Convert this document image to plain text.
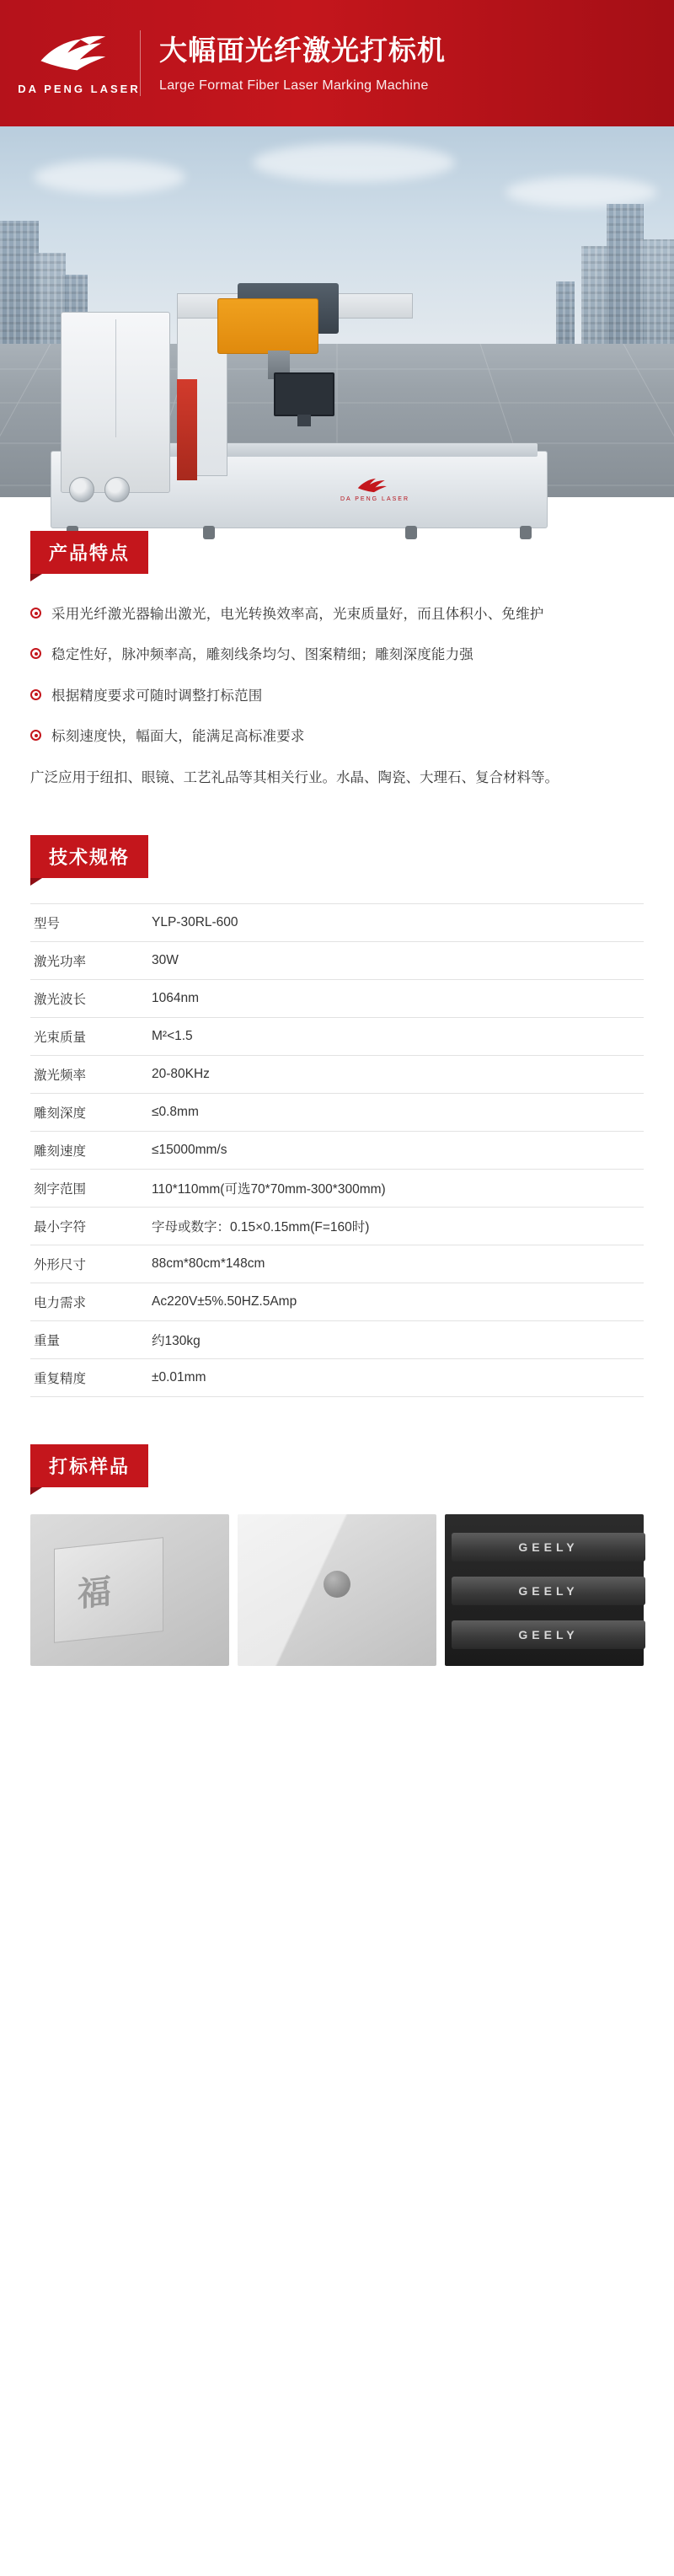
DA PENG LASER
大幅面光纤激光打标机
Large Format Fiber Laser Marking Machine
DA PENG LASER
产品特点
采用光纤激光器输出激光，电光转换效率高，光束质量好，而且体积小、免维护
稳定性好，脉冲频率高，雕刻线条均匀、图案精细；雕刻深度能力强
根据精度要求可随时调整打标范围
标刻速度快，幅面大，能满足高标准要求
广泛应用于纽扣、眼镜、工艺礼品等其相关行业。水晶、陶瓷、大理石、复合材料等。
技术规格
型号	YLP-30RL-600
激光功率	30W
激光波长	1064nm
光束质量	M²<1.5
激光频率	20-80KHz
雕刻深度	≤0.8mm
雕刻速度	≤15000mm/s
刻字范围	110*110mm(可选70*70mm-300*300mm)
最小字符	字母或数字：0.15×0.15mm(F=160时)
外形尺寸	88cm*80cm*148cm
电力需求	Ac220V±5%.50HZ.5Amp
重量	约130kg
重复精度	±0.01mm
打标样品
福
GEELY
GEELY
GEELY
